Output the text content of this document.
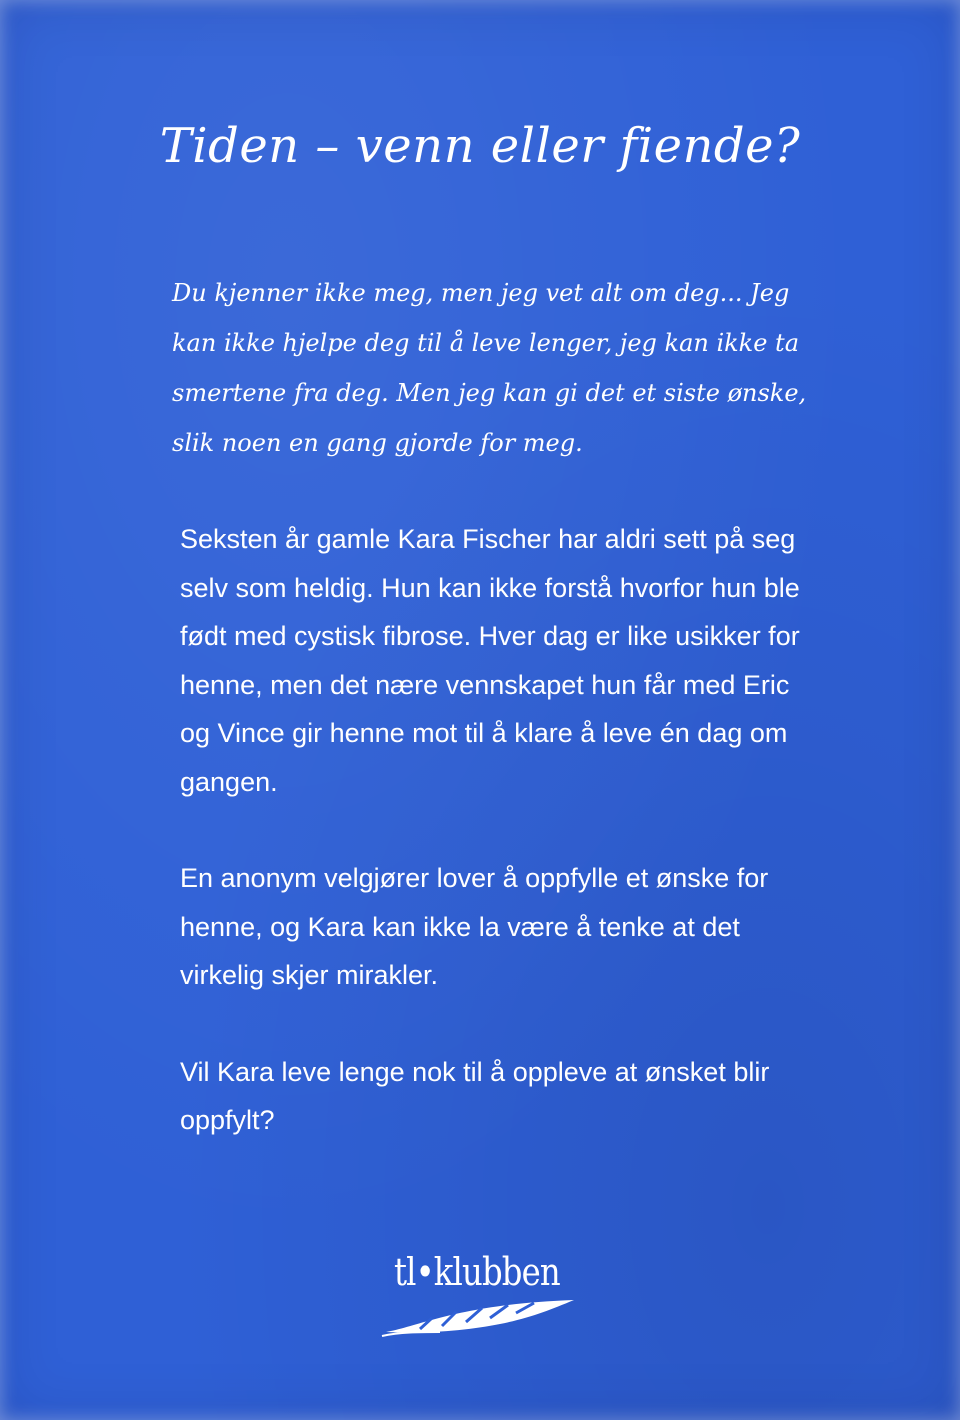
Tiden – venn eller fiende?

Du kjenner ikke meg, men jeg vet alt om deg... Jeg

kan ikke hjelpe deg til å leve lenger, jeg kan ikke ta

smertene fra deg. Men jeg kan gi det et siste ønske,

slik noen en gang gjorde for meg.

Seksten år gamle Kara Fischer har aldri sett på seg selv som heldig. Hun kan ikke forstå hvorfor hun ble født med cystisk fibrose. Hver dag er like usikker for henne, men det nære vennskapet hun får med Eric og Vince gir henne mot til å klare å leve én dag om gangen.

En anonym velgjører lover å oppfylle et ønske for henne, og Kara kan ikke la være å tenke at det virkelig skjer mirakler.

Vil Kara leve lenge nok til å oppleve at ønsket blir oppfylt?

tl•klubben
